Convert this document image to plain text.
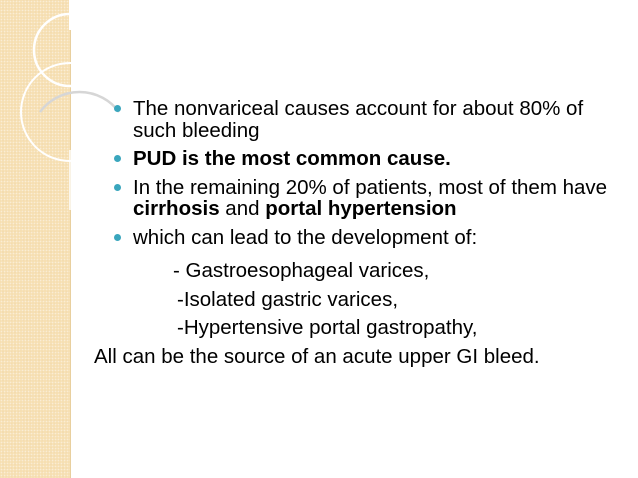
The nonvariceal causes account for about 80% of such bleeding

PUD is the most common cause.

In the remaining 20% of patients, most of them have cirrhosis and portal hypertension

which can lead to the development of:

- Gastroesophageal varices,

-Isolated gastric varices,

-Hypertensive portal gastropathy,

All can be the source of an acute upper GI bleed.
